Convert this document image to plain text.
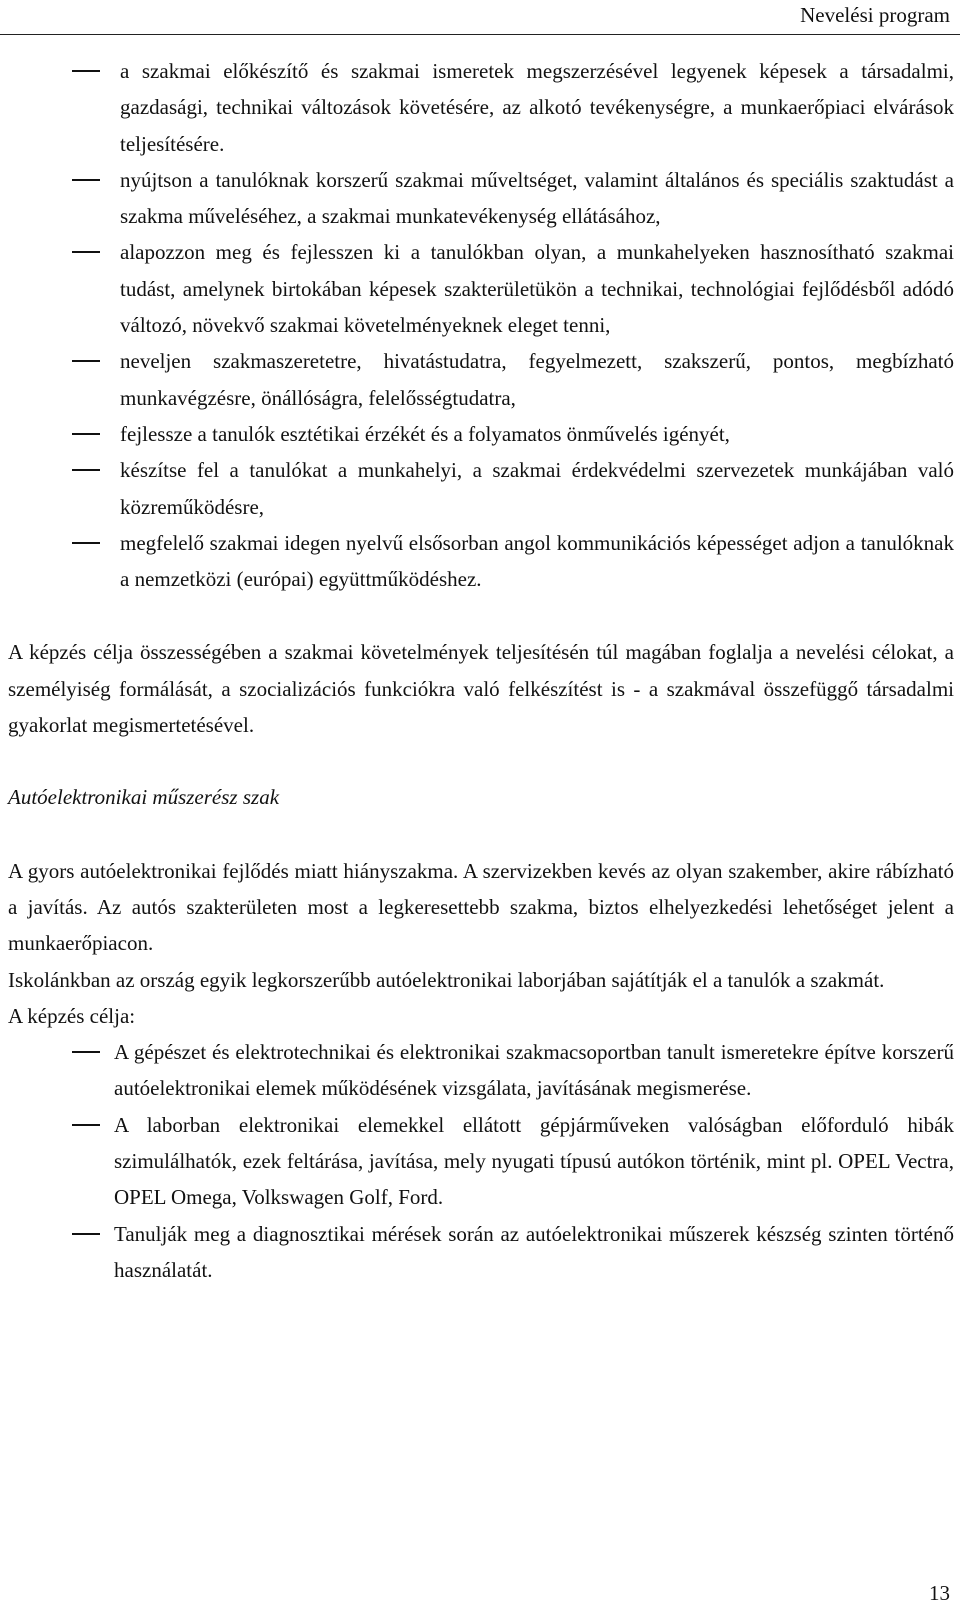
Nevelési program
a szakmai előkészítő és szakmai ismeretek megszerzésével legyenek képesek a társadalmi, gazdasági, technikai változások követésére, az alkotó tevékenységre, a munkaerőpiaci elvárások teljesítésére.
nyújtson a tanulóknak korszerű szakmai műveltséget, valamint általános és speciális szaktudást a szakma műveléséhez, a szakmai munkatevékenység ellátásához,
alapozzon meg és fejlesszen ki a tanulókban olyan, a munkahelyeken hasznosítható szakmai tudást, amelynek birtokában képesek szakterületükön a technikai, technológiai fejlődésből adódó változó, növekvő szakmai követelményeknek eleget tenni,
neveljen szakmaszeretetre, hivatástudatra, fegyelmezett, szakszerű, pontos, megbízható munkavégzésre, önállóságra, felelősségtudatra,
fejlessze a tanulók esztétikai érzékét és a folyamatos önművelés igényét,
készítse fel a tanulókat a munkahelyi, a szakmai érdekvédelmi szervezetek munkájában való közreműködésre,
megfelelő szakmai idegen nyelvű elsősorban angol kommunikációs képességet adjon a tanulóknak a nemzetközi (európai) együttműködéshez.

A képzés célja összességében a szakmai követelmények teljesítésén túl magában foglalja a nevelési célokat, a személyiség formálását, a szocializációs funkciókra való felkészítést is - a szakmával összefüggő társadalmi gyakorlat megismertetésével.

Autóelektronikai műszerész szak

A gyors autóelektronikai fejlődés miatt hiányszakma. A szervizekben kevés az olyan szakember, akire rábízható a javítás. Az autós szakterületen most a legkeresettebb szakma, biztos elhelyezkedési lehetőséget jelent a munkaerőpiacon.

Iskolánkban az ország egyik legkorszerűbb autóelektronikai laborjában sajátítják el a tanulók a szakmát.

A képzés célja:

A gépészet és elektrotechnikai és elektronikai szakmacsoportban tanult ismeretekre építve korszerű autóelektronikai elemek működésének vizsgálata, javításának megismerése.
A laborban elektronikai elemekkel ellátott gépjárműveken valóságban előforduló hibák szimulálhatók, ezek feltárása, javítása, mely nyugati típusú autókon történik, mint pl. OPEL Vectra, OPEL Omega, Volkswagen Golf, Ford.
Tanulják meg a diagnosztikai mérések során az autóelektronikai műszerek készség szinten történő használatát.
13
